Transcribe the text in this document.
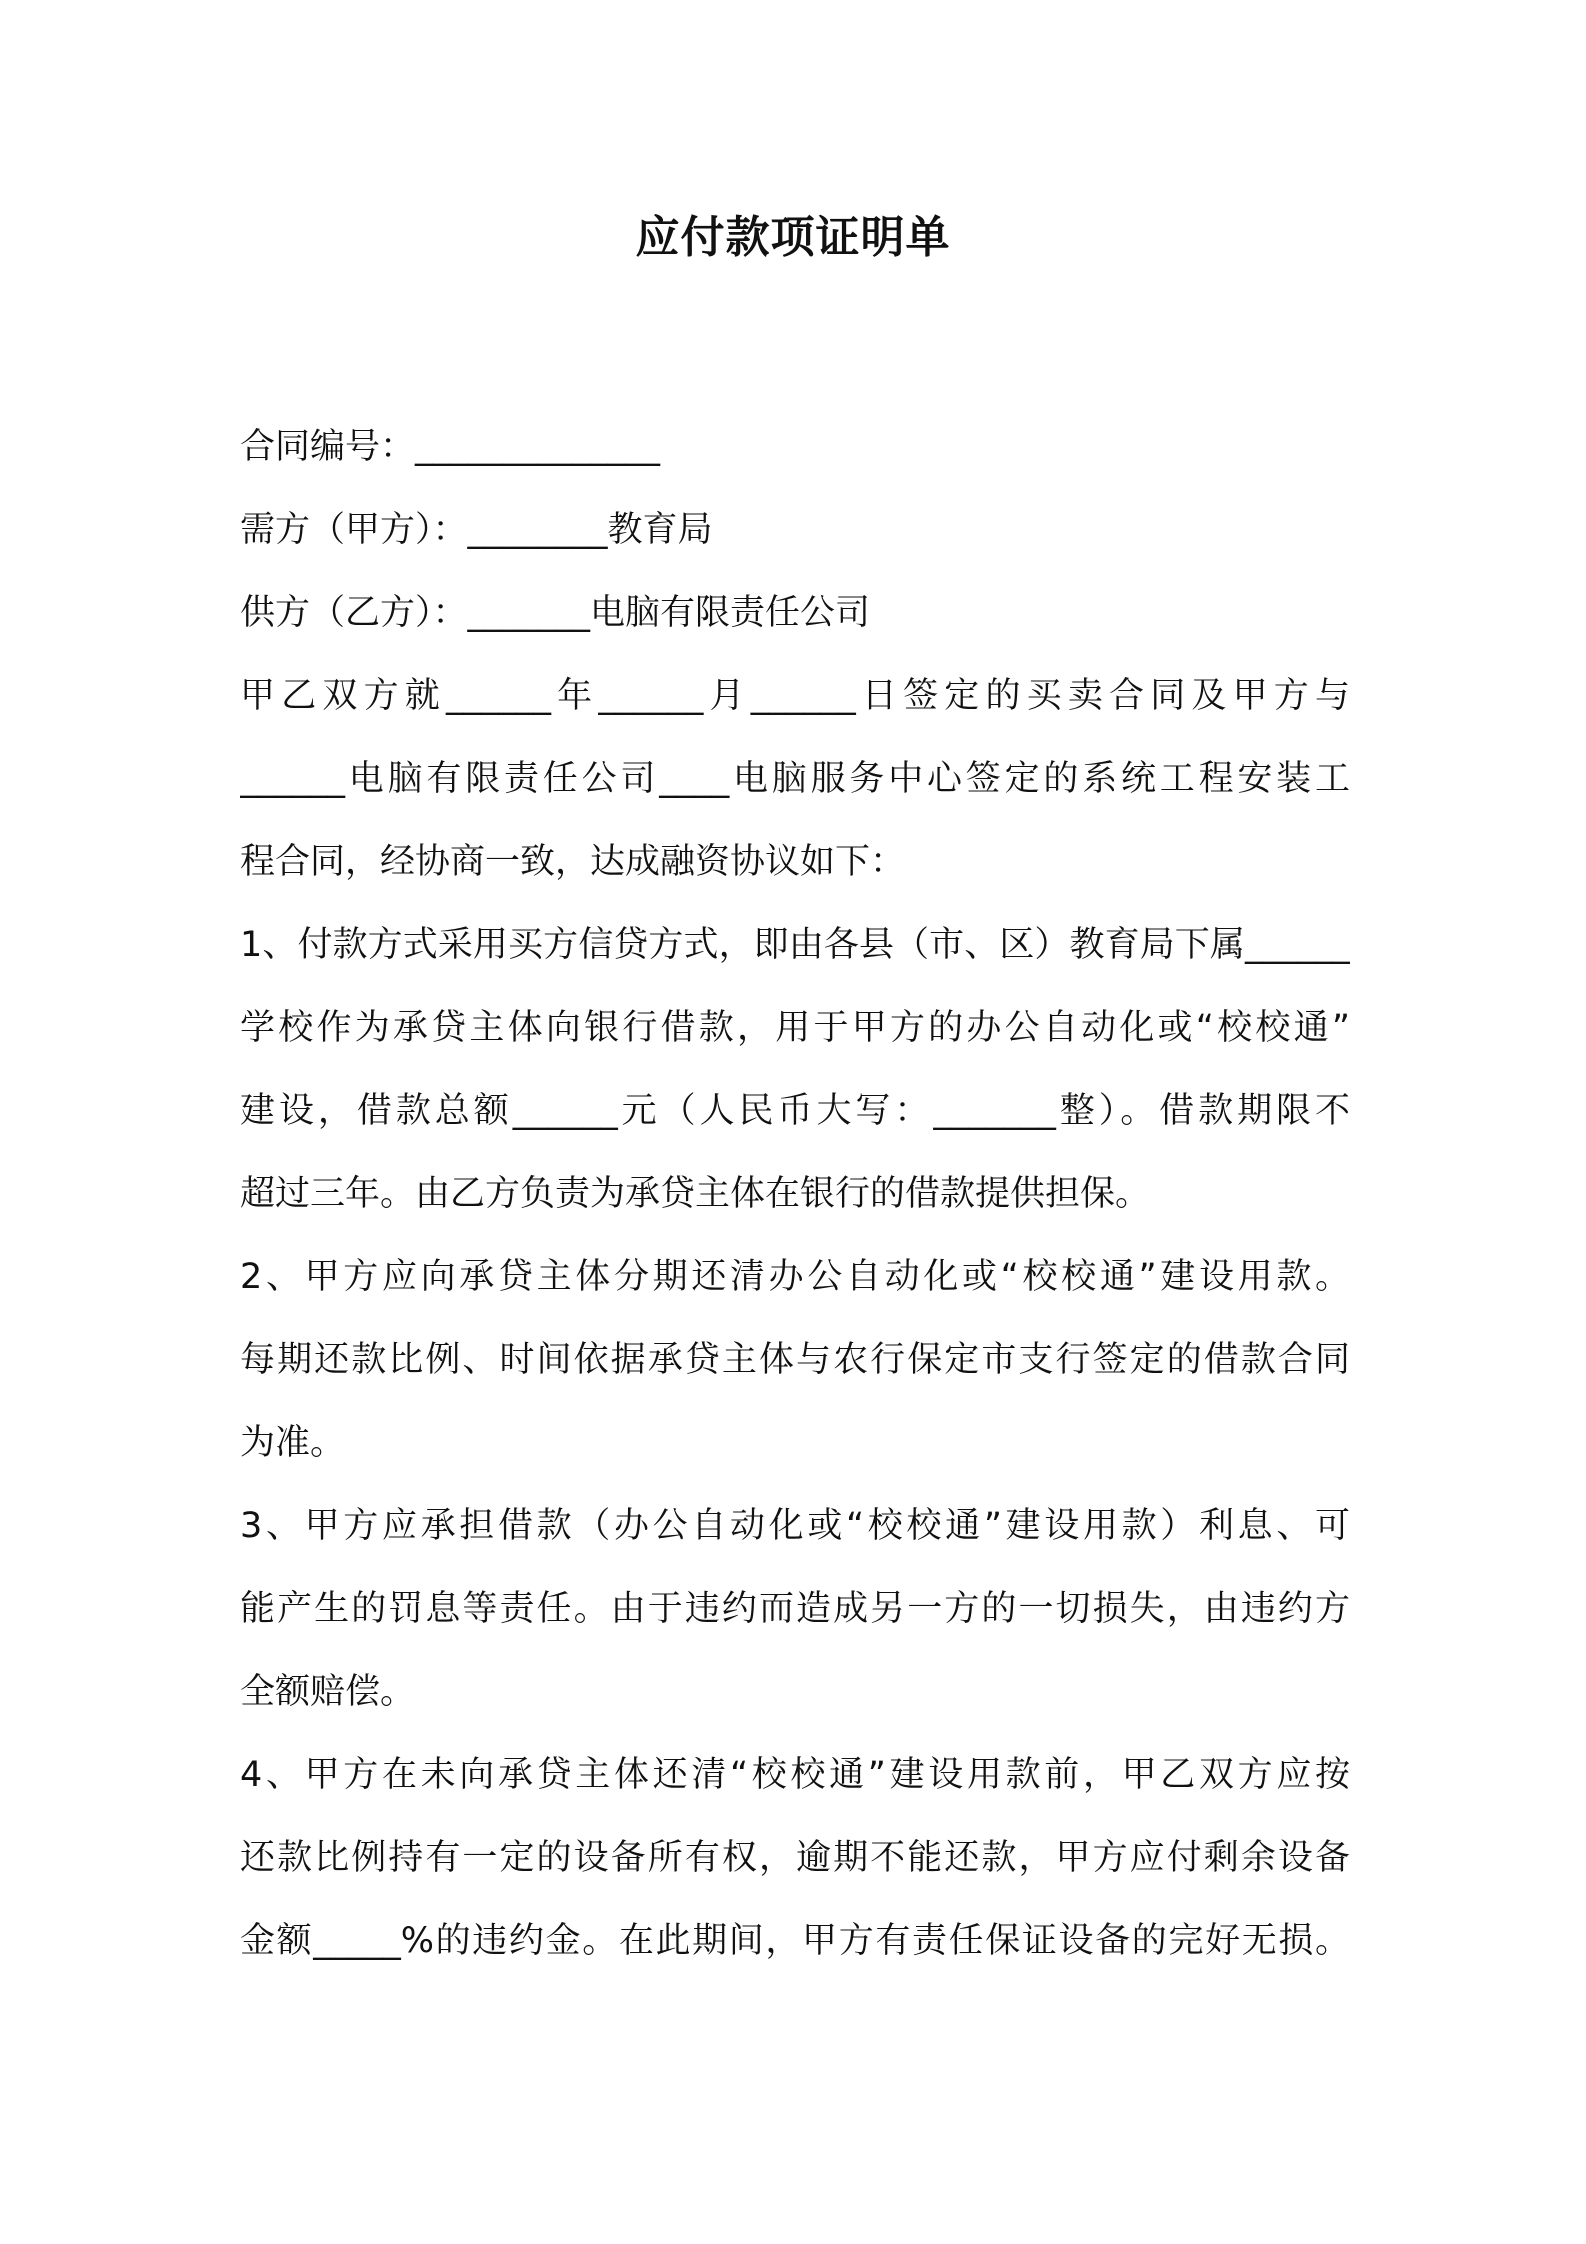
应付款项证明单
合同编号：______________
需方（甲方）：________教育局
供方（乙方）：_______电脑有限责任公司
甲乙双方就______年______月______日签定的买卖合同及甲方与
______电脑有限责任公司____电脑服务中心签定的系统工程安装工
程合同，经协商一致，达成融资协议如下：
1、付款方式采用买方信贷方式，即由各县（市、区）教育局下属______
学校作为承贷主体向银行借款，用于甲方的办公自动化或“校校通”
建设，借款总额______元（人民币大写：_______整）。借款期限不
超过三年。由乙方负责为承贷主体在银行的借款提供担保。
2、甲方应向承贷主体分期还清办公自动化或“校校通”建设用款。
每期还款比例、时间依据承贷主体与农行保定市支行签定的借款合同
为准。
3、甲方应承担借款（办公自动化或“校校通”建设用款）利息、可
能产生的罚息等责任。由于违约而造成另一方的一切损失，由违约方
全额赔偿。
4、甲方在未向承贷主体还清“校校通”建设用款前，甲乙双方应按
还款比例持有一定的设备所有权，逾期不能还款，甲方应付剩余设备
金额_____%的违约金。在此期间，甲方有责任保证设备的完好无损。
